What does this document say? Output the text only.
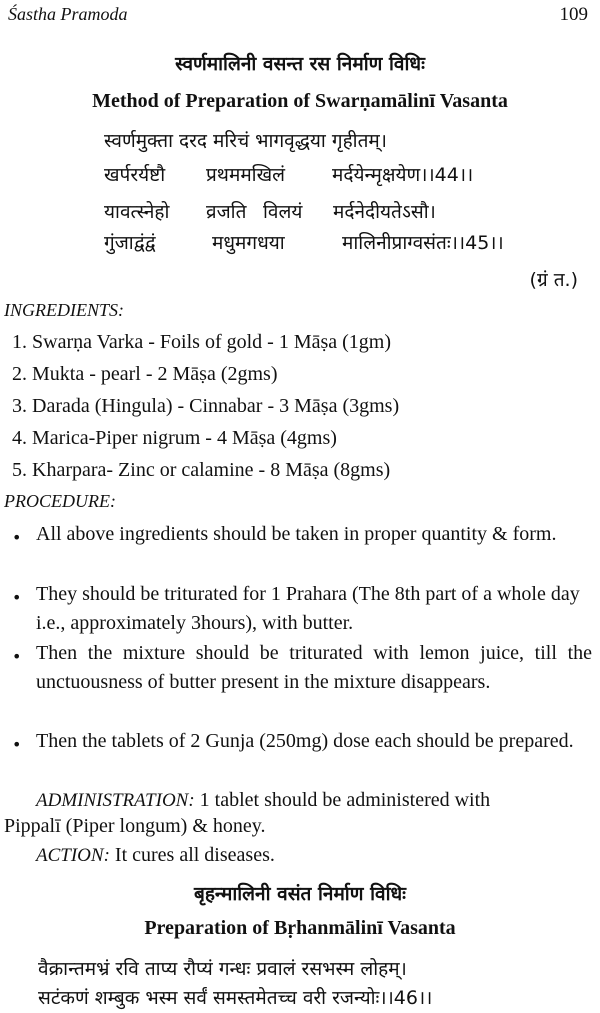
Śastha Pramoda	109
स्वर्णमालिनी वसन्त रस निर्माण विधिः
Method of Preparation of Swarṇamālinī Vasanta
स्वर्णमुक्ता दरद मरिचं भागवृद्धया गृहीतम्।
खर्परर्यष्टौ प्रथममखिलं मर्दयेन्मृक्षयेण।।44।।
यावत्स्नेहो व्रजति विलयं मर्दनेदीयते ऽसौ।
गुंजाद्वंद्वं	मधुमगधया	मालिनीप्राग्वसंतः।।45।।
(ग्रं त.)
INGREDIENTS:
1. Swarṇa Varka - Foils of gold - 1 Māṣa (1gm)
2. Mukta - pearl - 2 Māṣa (2gms)
3. Darada (Hingula) - Cinnabar - 3 Māṣa (3gms)
4. Marica-Piper nigrum - 4 Māṣa (4gms)
5. Kharpara- Zinc or calamine - 8 Māṣa (8gms)
PROCEDURE:
• All above ingredients should be taken in proper quantity & form.
• They should be triturated for 1 Prahara (The 8th part of a whole day i.e., approximately 3hours), with butter.
• Then the mixture should be triturated with lemon juice, till the unctuousness of butter present in the mixture disappears.
• Then the tablets of 2 Gunja (250mg) dose each should be prepared.
ADMINISTRATION: 1 tablet should be administered with
Pippalī (Piper longum) & honey.
ACTION: It cures all diseases.
बृहन्मालिनी वसंत निर्माण विधिः
Preparation of Bṛhanmālinī Vasanta
वैक्रान्तमभ्रं रवि ताप्य रौप्यं गन्धः प्रवालं रसभस्म लोहम्।
सटंकणं शम्बुक भस्म सर्वं समस्तमेतच्च वरी रजन्योः।।46।।
